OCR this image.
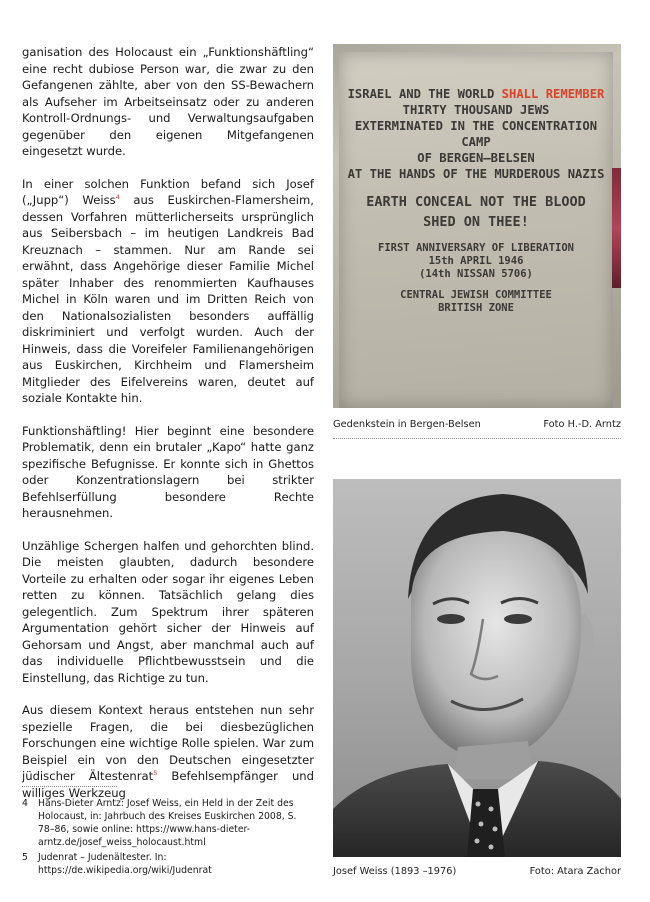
ganisation des Holocaust ein „Funktionshäftling“ eine recht dubiose Person war, die zwar zu den Gefangenen zählte, aber von den SS-Bewachern als Aufseher im Arbeitseinsatz oder zu anderen Kontroll-Ordnungs- und Verwaltungsaufgaben gegenüber den eigenen Mitgefangenen eingesetzt wurde.

In einer solchen Funktion befand sich Josef („Jupp“) Weiss$^4$ aus Euskirchen-Flamersheim, dessen Vorfahren mütterlicherseits ursprünglich aus Seibersbach – im heutigen Landkreis Bad Kreuznach – stammen. Nur am Rande sei erwähnt, dass Angehörige dieser Familie Michel später Inhaber des renommierten Kaufhauses Michel in Köln waren und im Dritten Reich von den Nationalsozialisten besonders auffällig diskriminiert und verfolgt wurden. Auch der Hinweis, dass die Voreifeler Familienangehörigen aus Euskirchen, Kirchheim und Flamersheim Mitglieder des Eifelvereins waren, deutet auf soziale Kontakte hin.

Funktionshäftling! Hier beginnt eine besondere Problematik, denn ein brutaler „Kapo“ hatte ganz spezifische Befugnisse. Er konnte sich in Ghettos oder Konzentrationslagern bei strikter Befehlserfüllung besondere Rechte herausnehmen.

Unzählige Schergen halfen und gehorchten blind. Die meisten glaubten, dadurch besondere Vorteile zu erhalten oder sogar ihr eigenes Leben retten zu können. Tatsächlich gelang dies gelegentlich. Zum Spektrum ihrer späteren Argumentation gehört sicher der Hinweis auf Gehorsam und Angst, aber manchmal auch auf das individuelle Pflichtbewusstsein und die Einstellung, das Richtige zu tun.

Aus diesem Kontext heraus entstehen nun sehr spezielle Fragen, die bei diesbezüglichen Forschungen eine wichtige Rolle spielen. War zum Beispiel ein von den Deutschen eingesetzter jüdischer Ältestenrat$^5$ Befehlsempfänger und williges Werkzeug

4	Hans-Dieter Arntz: Josef Weiss, ein Held in der Zeit des Holocaust, in: Jahrbuch des Kreises Euskirchen 2008, S. 78–86, sowie online: https://www.hans-dieter-arntz.de/josef_weiss_holocaust.html
5	Judenrat – Judenältester. In: https://de.wikipedia.org/wiki/Judenrat
ISRAEL AND THE WORLD SHALL REMEMBER
THIRTY THOUSAND JEWS
EXTERMINATED IN THE CONCENTRATION CAMP
OF BERGEN–BELSEN
AT THE HANDS OF THE MURDEROUS NAZIS
EARTH CONCEAL NOT THE BLOOD
SHED ON THEE!
FIRST ANNIVERSARY OF LIBERATION
15th APRIL 1946
(14th NISSAN 5706)
CENTRAL JEWISH COMMITTEE
BRITISH ZONE
Gedenkstein in Bergen-Belsen	Foto H.-D. Arntz
Josef Weiss (1893 –1976)	Foto: Atara Zachor
